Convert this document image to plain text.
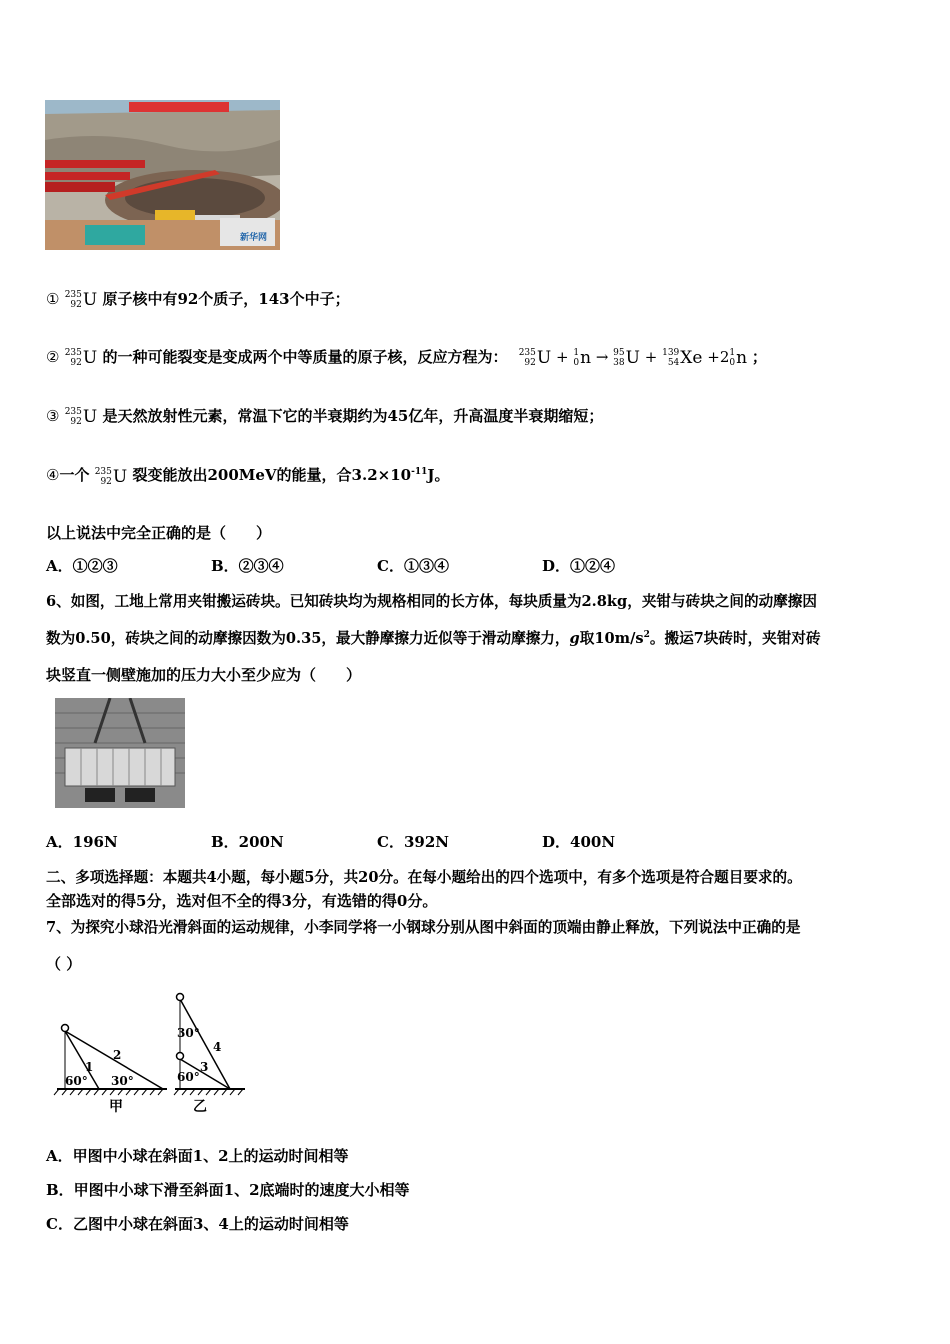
新华网
① 235
92 U 原子核中有92个质子，143个中子；
② 235
92 U 的一种可能裂变是变成两个中等质量的原子核，反应方程为： 235
92 U + 1
0 n → 95
38 U + 139
54 Xe +2 1
0 n ；
③ 235
92 U 是天然放射性元素，常温下它的半衰期约为45亿年，升高温度半衰期缩短；
④一个 235
92 U 裂变能放出200MeV的能量，合$3.2\times 10^{-11}J$。
以上说法中完全正确的是（　　）
A．①②③	B．②③④	C．①③④	D．①②④
6、如图，工地上常用夹钳搬运砖块。已知砖块均为规格相同的长方体，每块质量为2.8kg，夹钳与砖块之间的动摩擦因
数为0.50，砖块之间的动摩擦因数为0.35，最大静摩擦力近似等于滑动摩擦力，g取$10m/s^2$。搬运7块砖时，夹钳对砖
块竖直一侧壁施加的压力大小至少应为（　　）
A．196N	B．200N	C．392N	D．400N
二、多项选择题：本题共4小题，每小题5分，共20分。在每小题给出的四个选项中，有多个选项是符合题目要求的。
全部选对的得5分，选对但不全的得3分，有选错的得0分。
7、为探究小球沿光滑斜面的运动规律，小李同学将一小钢球分别从图中斜面的顶端由静止释放，下列说法中正确的是
（ ）
60° 30°
1
2
甲
30°
60°
3
4
乙
A．甲图中小球在斜面1、2上的运动时间相等
B．甲图中小球下滑至斜面1、2底端时的速度大小相等
C．乙图中小球在斜面3、4上的运动时间相等
